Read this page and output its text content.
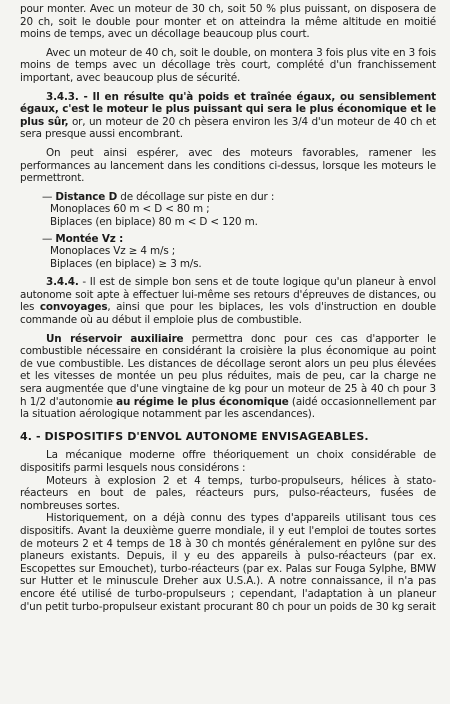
pour monter. Avec un moteur de 30 ch, soit 50 % plus puissant, on disposera de 20 ch, soit le double pour monter et on atteindra la même altitude en moitié moins de temps, avec un décollage beaucoup plus court.

Avec un moteur de 40 ch, soit le double, on montera 3 fois plus vite en 3 fois moins de temps avec un décollage très court, complété d'un franchissement important, avec beaucoup plus de sécurité.

3.4.3. - Il en résulte qu'à poids et traînée égaux, ou sensiblement égaux, c'est le moteur le plus puissant qui sera le plus économique et le plus sûr, or, un moteur de 20 ch pèsera environ les 3/4 d'un moteur de 40 ch et sera presque aussi encombrant.

On peut ainsi espérer, avec des moteurs favorables, ramener les performances au lancement dans les conditions ci-dessus, lorsque les moteurs le permettront.

— Distance D de décollage sur piste en dur :

Monoplaces 60 m < D < 80 m ;

Biplaces (en biplace) 80 m < D < 120 m.

— Montée Vz :

Monoplaces Vz ≥ 4 m/s ;

Biplaces (en biplace) ≥ 3 m/s.

3.4.4. - Il est de simple bon sens et de toute logique qu'un planeur à envol autonome soit apte à effectuer lui-même ses retours d'épreuves de distances, ou les convoyages, ainsi que pour les biplaces, les vols d'instruction en double commande où au début il emploie plus de combustible.

Un réservoir auxiliaire permettra donc pour ces cas d'apporter le combustible nécessaire en considérant la croisière la plus économique au point de vue combustible. Les distances de décollage seront alors un peu plus élevées et les vitesses de montée un peu plus réduites, mais de peu, car la charge ne sera augmentée que d'une vingtaine de kg pour un moteur de 25 à 40 ch pour 3 h 1/2 d'autonomie au régime le plus économique (aidé occasionnellement par la situation aérologique notamment par les ascendances).

4. - DISPOSITIFS D'ENVOL AUTONOME ENVISAGEABLES.

La mécanique moderne offre théoriquement un choix considérable de dispositifs parmi lesquels nous considérons :

Moteurs à explosion 2 et 4 temps, turbo-propulseurs, hélices à stato-réacteurs en bout de pales, réacteurs purs, pulso-réacteurs, fusées de nombreuses sortes.

Historiquement, on a déjà connu des types d'appareils utilisant tous ces dispositifs. Avant la deuxième guerre mondiale, il y eut l'emploi de toutes sortes de moteurs 2 et 4 temps de 18 à 30 ch montés généralement en pylône sur des planeurs existants. Depuis, il y eu des appareils à pulso-réacteurs (par ex. Escopettes sur Emouchet), turbo-réacteurs (par ex. Palas sur Fouga Sylphe, BMW sur Hutter et le minuscule Dreher aux U.S.A.). A notre connaissance, il n'a pas encore été utilisé de turbo-propulseurs ; cependant, l'adaptation à un planeur d'un petit turbo-propulseur existant procurant 80 ch pour un poids de 30 kg serait
